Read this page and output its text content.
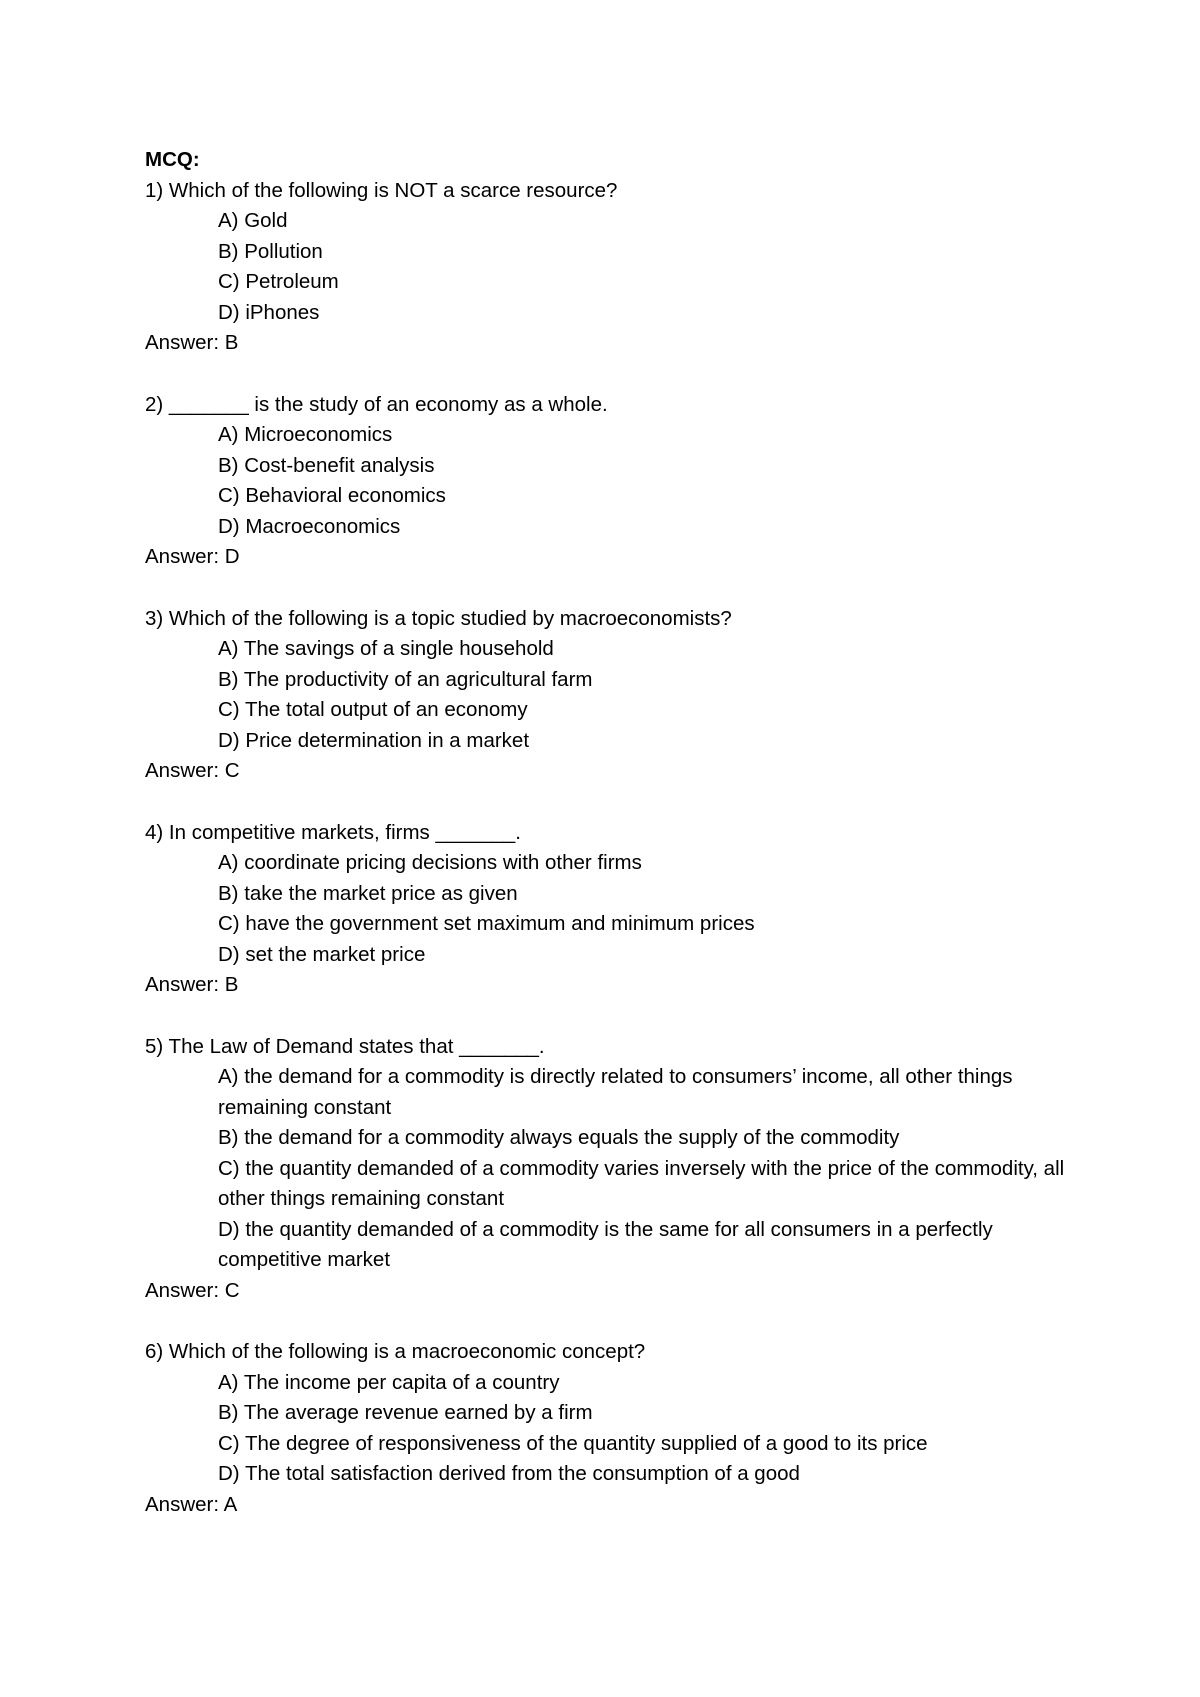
MCQ:

1) Which of the following is NOT a scarce resource?

A) Gold
B) Pollution
C) Petroleum
D) iPhones

Answer: B

2) _______ is the study of an economy as a whole.

A) Microeconomics
B) Cost-benefit analysis
C) Behavioral economics
D) Macroeconomics

Answer: D

3) Which of the following is a topic studied by macroeconomists?

A) The savings of a single household
B) The productivity of an agricultural farm
C) The total output of an economy
D) Price determination in a market

Answer: C

4) In competitive markets, firms _______.

A) coordinate pricing decisions with other firms
B) take the market price as given
C) have the government set maximum and minimum prices
D) set the market price

Answer: B

5) The Law of Demand states that _______.

A) the demand for a commodity is directly related to consumers’ income, all other things remaining constant
B) the demand for a commodity always equals the supply of the commodity
C) the quantity demanded of a commodity varies inversely with the price of the commodity, all other things remaining constant
D) the quantity demanded of a commodity is the same for all consumers in a perfectly competitive market

Answer: C

6) Which of the following is a macroeconomic concept?

A) The income per capita of a country
B) The average revenue earned by a firm
C) The degree of responsiveness of the quantity supplied of a good to its price
D) The total satisfaction derived from the consumption of a good

Answer: A
